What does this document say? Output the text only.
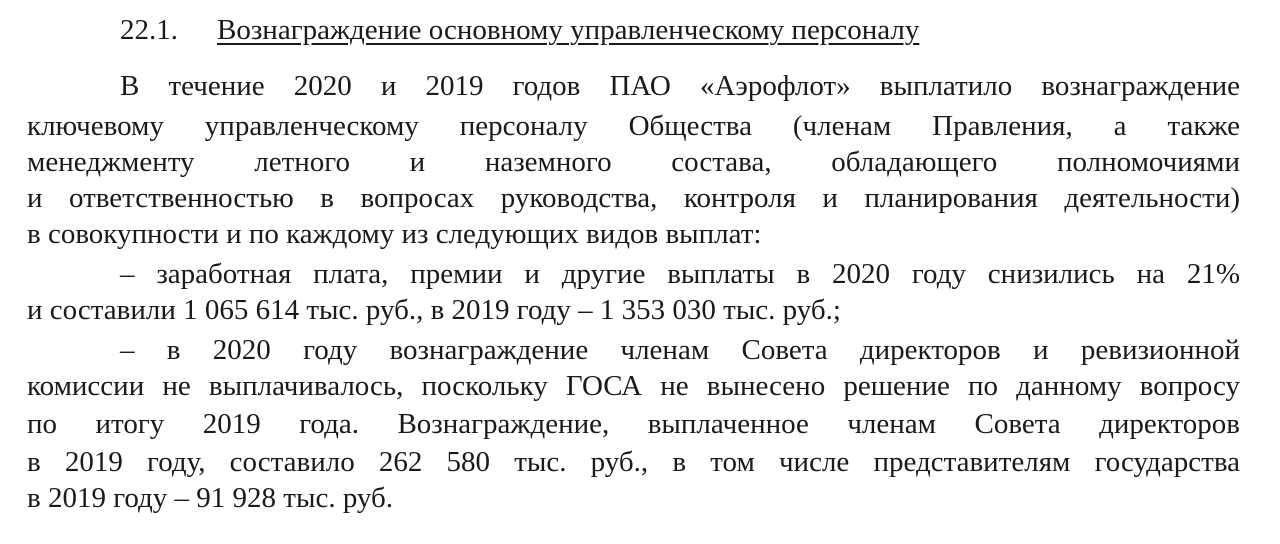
22.1. Вознаграждение основному управленческому персоналу
В течение 2020 и 2019 годов ПАО «Аэрофлот» выплатило вознаграждение
ключевому управленческому персоналу Общества (членам Правления, а также
менеджменту летного и наземного состава, обладающего полномочиями
и ответственностью в вопросах руководства, контроля и планирования деятельности)
в совокупности и по каждому из следующих видов выплат:
– заработная плата, премии и другие выплаты в 2020 году снизились на 21%
и составили 1 065 614 тыс. руб., в 2019 году – 1 353 030 тыс. руб.;
– в 2020 году вознаграждение членам Совета директоров и ревизионной
комиссии не выплачивалось, поскольку ГОСА не вынесено решение по данному вопросу
по итогу 2019 года. Вознаграждение, выплаченное членам Совета директоров
в 2019 году, составило 262 580 тыс. руб., в том числе представителям государства
в 2019 году – 91 928 тыс. руб.
